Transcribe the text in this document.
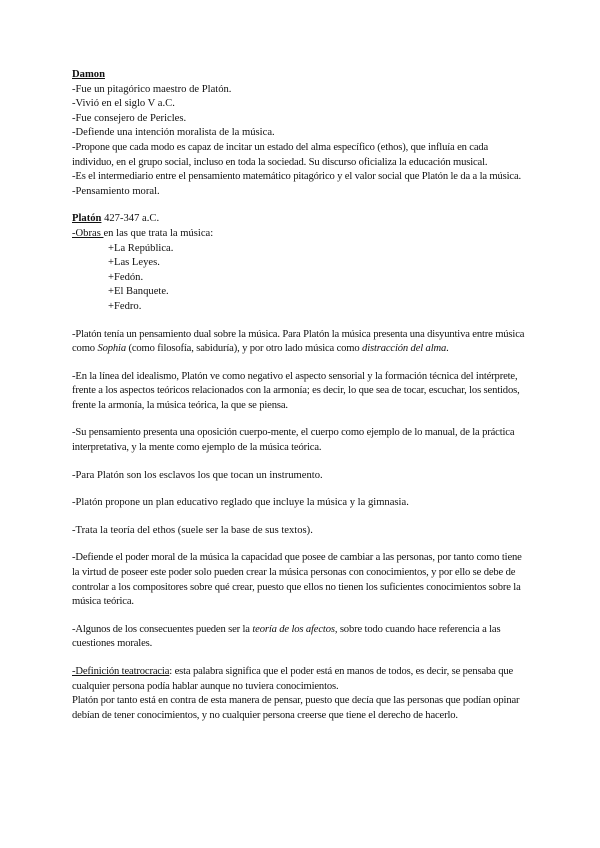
Damon

-Fue un pitagórico maestro de Platón.

-Vivió en el siglo V a.C.

-Fue consejero de Pericles.

-Defiende una intención moralista de la música.

-Propone que cada modo es capaz de incitar un estado del alma específico (ethos), que influía en cada individuo, en el grupo social, incluso en toda la sociedad. Su discurso oficializa la educación musical.

-Es el intermediario entre el pensamiento matemático pitagórico y el valor social que Platón le da a la música.

-Pensamiento moral.

Platón 427-347 a.C.

-Obras en las que trata la música:

+La República.

+Las Leyes.

+Fedón.

+El Banquete.

+Fedro.

-Platón tenía un pensamiento dual sobre la música. Para Platón la música presenta una disyuntiva entre música como Sophia (como filosofía, sabiduría), y por otro lado música como distracción del alma.

-En la línea del idealismo, Platón ve como negativo el aspecto sensorial y la formación técnica del intérprete, frente a los aspectos teóricos relacionados con la armonía; es decir, lo que sea de tocar, escuchar, los sentidos, frente la armonía, la música teórica, la que se piensa.

-Su pensamiento presenta una oposición cuerpo-mente, el cuerpo como ejemplo de lo manual, de la práctica interpretativa, y la mente como ejemplo de la música teórica.

-Para Platón son los esclavos los que tocan un instrumento.

-Platón propone un plan educativo reglado que incluye la música y la gimnasia.

-Trata la teoría del ethos (suele ser la base de sus textos).

-Defiende el poder moral de la música la capacidad que posee de cambiar a las personas, por tanto como tiene la virtud de poseer este poder solo pueden crear la música personas con conocimientos, y por ello se debe de controlar a los compositores sobre qué crear, puesto que ellos no tienen los suficientes conocimientos sobre la música teórica.

-Algunos de los consecuentes pueden ser la teoría de los afectos, sobre todo cuando hace referencia a las cuestiones morales.

-Definición teatrocracia: esta palabra significa que el poder está en manos de todos, es decir, se pensaba que cualquier persona podía hablar aunque no tuviera conocimientos.

Platón por tanto está en contra de esta manera de pensar, puesto que decía que las personas que podían opinar debían de tener conocimientos, y no cualquier persona creerse que tiene el derecho de hacerlo.
